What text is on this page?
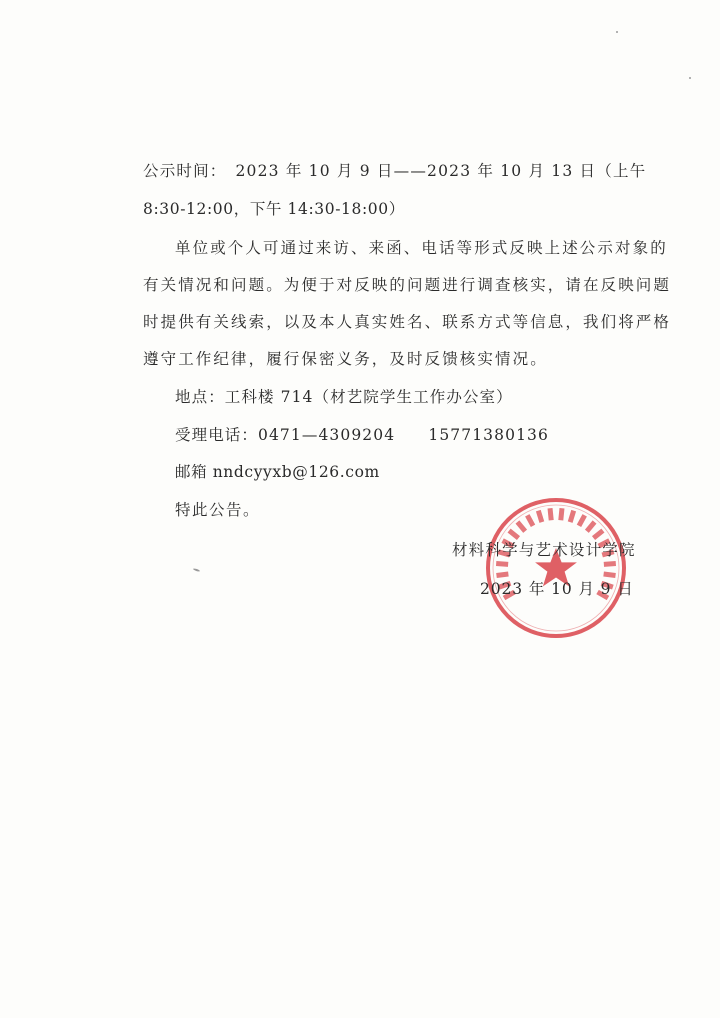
公示时间：　2023 年 10 月 9 日——2023 年 10 月 13 日（上午
8:30-12:00，下午 14:30-18:00）
单位或个人可通过来访、来函、电话等形式反映上述公示对象的
有关情况和问题。为便于对反映的问题进行调查核实，请在反映问题
时提供有关线索，以及本人真实姓名、联系方式等信息，我们将严格
遵守工作纪律，履行保密义务，及时反馈核实情况。
地点：工科楼 714（材艺院学生工作办公室）
受理电话：0471—4309204　　15771380136
邮箱 nndcyyxb@126.com
特此公告。
材料科学与艺术设计学院
2023 年 10 月 9 日
